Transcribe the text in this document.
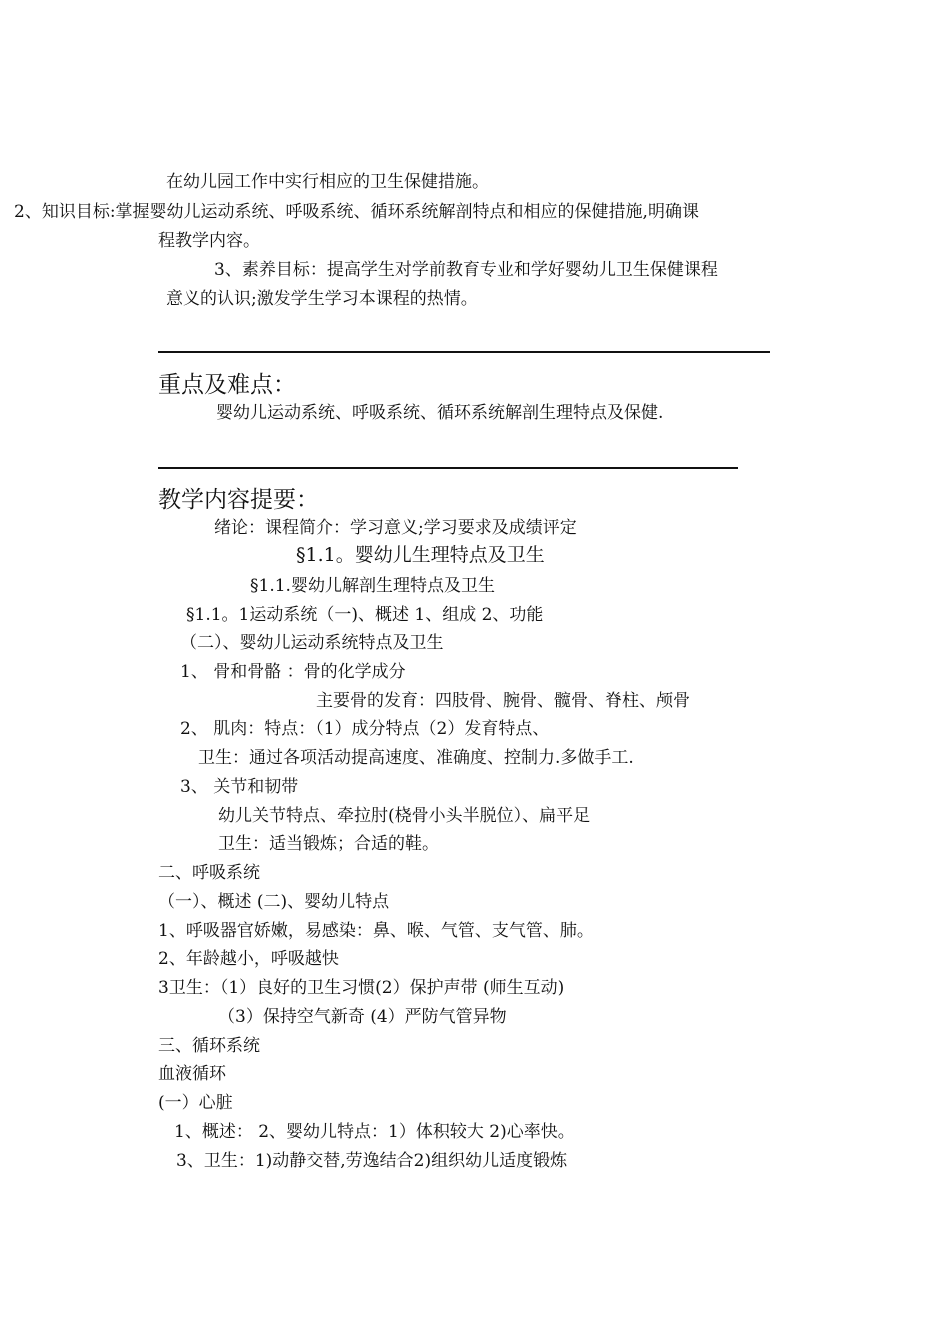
在幼儿园工作中实行相应的卫生保健措施。
2、知识目标:掌握婴幼儿运动系统、呼吸系统、循环系统解剖特点和相应的保健措施,明确课
程教学内容。
3、素养目标：提高学生对学前教育专业和学好婴幼儿卫生保健课程
意义的认识;激发学生学习本课程的热情。
重点及难点：
婴幼儿运动系统、呼吸系统、循环系统解剖生理特点及保健.
教学内容提要：
绪论：课程简介：学习意义;学习要求及成绩评定
§1.1。婴幼儿生理特点及卫生
§1.1.婴幼儿解剖生理特点及卫生
§1.1。1运动系统（一)、概述 1、组成 2、功能
（二）、婴幼儿运动系统特点及卫生
1、 骨和骨骼 ：骨的化学成分
主要骨的发育：四肢骨、腕骨、髋骨、脊柱、颅骨
2、 肌肉：特点：（1）成分特点（2）发育特点、
卫生：通过各项活动提高速度、准确度、控制力.多做手工.
3、 关节和韧带
幼儿关节特点、牵拉肘(桡骨小头半脱位）、扁平足
卫生：适当锻炼；合适的鞋。
二、呼吸系统
（一）、概述 (二)、婴幼儿特点
1、呼吸器官娇嫩，易感染：鼻、喉、气管、支气管、肺。
2、年龄越小，呼吸越快
3卫生：（1）良好的卫生习惯(2）保护声带 (师生互动)
（3）保持空气新奇 (4）严防气管异物
三、循环系统
血液循环
(一）心脏
1、概述： 2、婴幼儿特点：1）体积较大 2)心率快。
3、卫生：1)动静交替,劳逸结合2)组织幼儿适度锻炼
